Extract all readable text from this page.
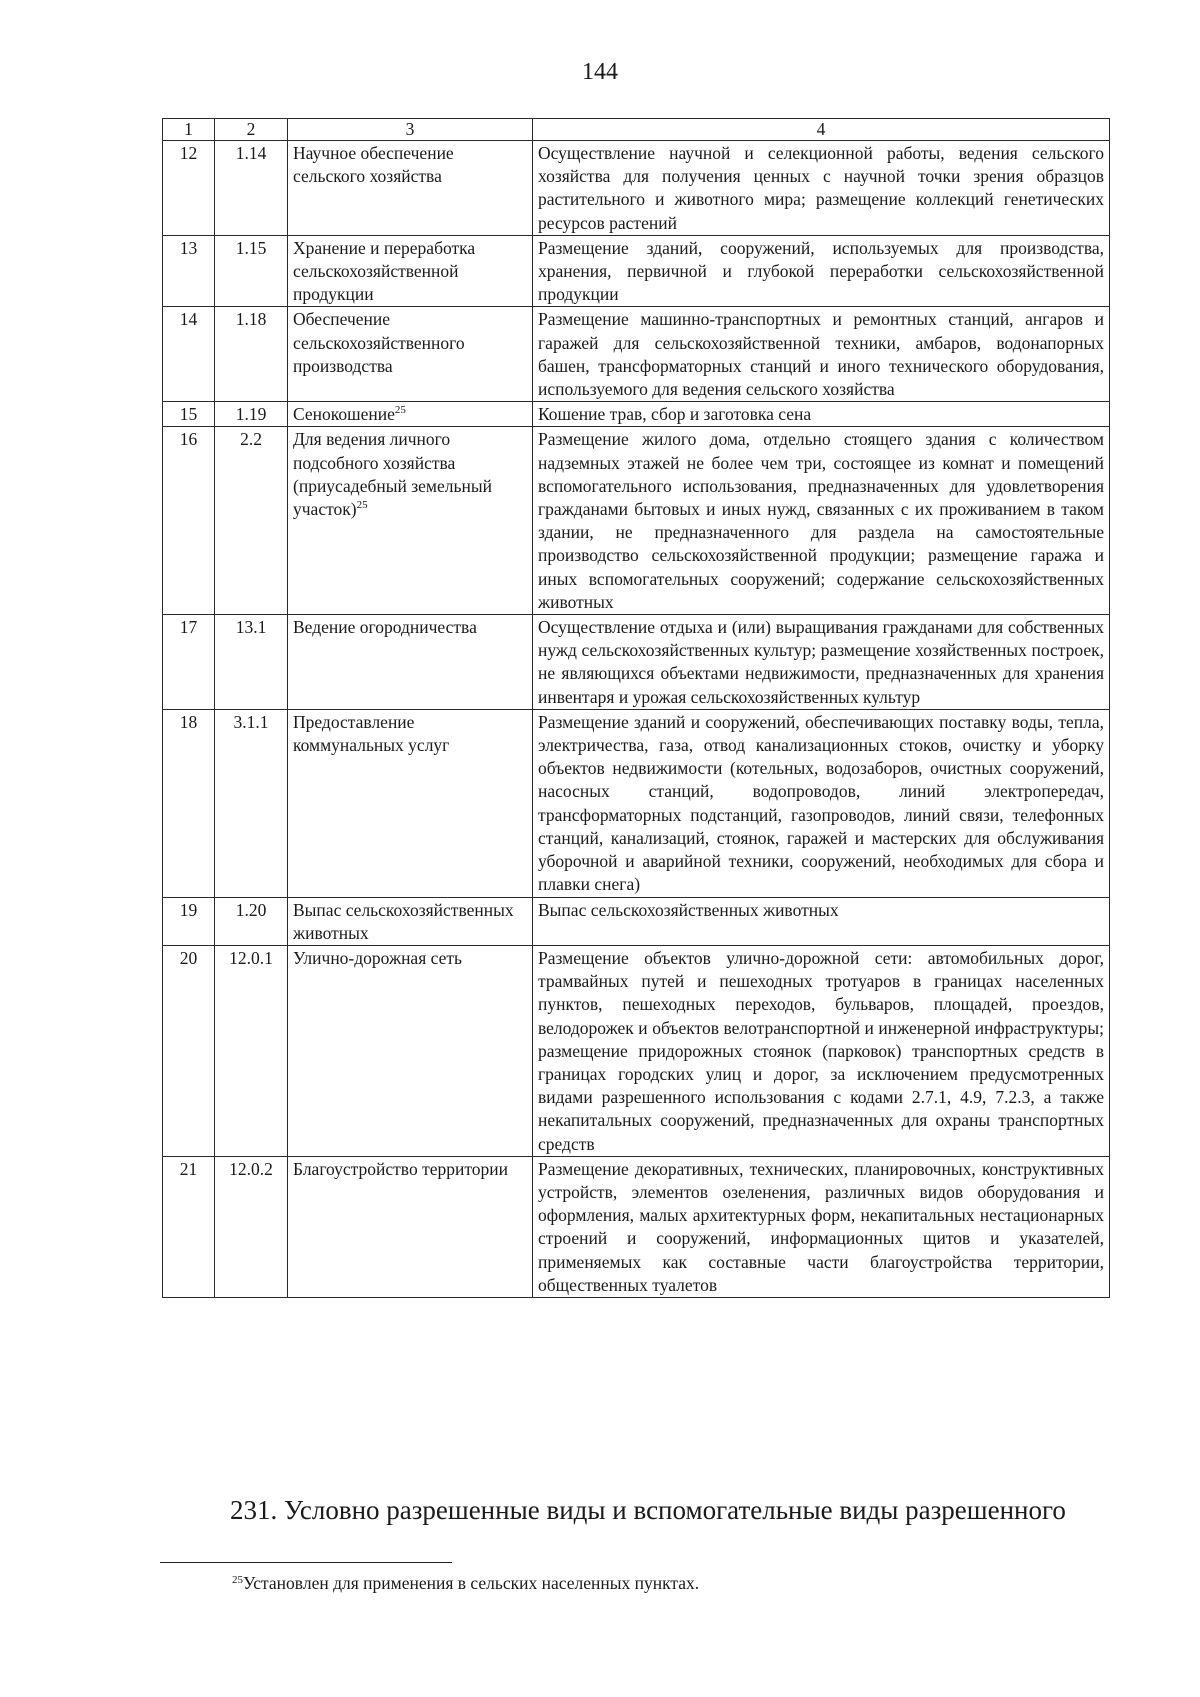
144
1	2	3	4
12	1.14	Научное обеспечение сельского хозяйства	Осуществление научной и селекционной работы, ведения сельского хозяйства для получения ценных с научной точки зрения образцов растительного и животного мира; размещение коллекций генетических ресурсов растений
13	1.15	Хранение и переработка сельскохозяйственной продукции	Размещение зданий, сооружений, используемых для производства, хранения, первичной и глубокой переработки сельскохозяйственной продукции
14	1.18	Обеспечение сельскохозяйственного производства	Размещение машинно-транспортных и ремонтных станций, ангаров и гаражей для сельскохозяйственной техники, амбаров, водонапорных башен, трансформаторных станций и иного технического оборудования, используемого для ведения сельского хозяйства
15	1.19	Сенокошение$^{25}$	Кошение трав, сбор и заготовка сена
16	2.2	Для ведения личного подсобного хозяйства (приусадебный земельный участок)$^{25}$	Размещение жилого дома, отдельно стоящего здания с количеством надземных этажей не более чем три, состоящее из комнат и помещений вспомогательного использования, предназначенных для удовлетворения гражданами бытовых и иных нужд, связанных с их проживанием в таком здании, не предназначенного для раздела на самостоятельные производство сельскохозяйственной продукции; размещение гаража и иных вспомогательных сооружений; содержание сельскохозяйственных животных
17	13.1	Ведение огородничества	Осуществление отдыха и (или) выращивания гражданами для собственных нужд сельскохозяйственных культур; размещение хозяйственных построек, не являющихся объектами недвижимости, предназначенных для хранения инвентаря и урожая сельскохозяйственных культур
18	3.1.1	Предоставление коммунальных услуг	Размещение зданий и сооружений, обеспечивающих поставку воды, тепла, электричества, газа, отвод канализационных стоков, очистку и уборку объектов недвижимости (котельных, водозаборов, очистных сооружений, насосных станций, водопроводов, линий электропередач, трансформаторных подстанций, газопроводов, линий связи, телефонных станций, канализаций, стоянок, гаражей и мастерских для обслуживания уборочной и аварийной техники, сооружений, необходимых для сбора и плавки снега)
19	1.20	Выпас сельскохозяйственных животных	Выпас сельскохозяйственных животных
20	12.0.1	Улично-дорожная сеть	Размещение объектов улично-дорожной сети: автомобильных дорог, трамвайных путей и пешеходных тротуаров в границах населенных пунктов, пешеходных переходов, бульваров, площадей, проездов, велодорожек и объектов велотранспортной и инженерной инфраструктуры; размещение придорожных стоянок (парковок) транспортных средств в границах городских улиц и дорог, за исключением предусмотренных видами разрешенного использования с кодами 2.7.1, 4.9, 7.2.3, а также некапитальных сооружений, предназначенных для охраны транспортных средств
21	12.0.2	Благоустройство территории	Размещение декоративных, технических, планировочных, конструктивных устройств, элементов озеленения, различных видов оборудования и оформления, малых архитектурных форм, некапитальных нестационарных строений и сооружений, информационных щитов и указателей, применяемых как составные части благоустройства территории, общественных туалетов
231. Условно разрешенные виды и вспомогательные виды разрешенного
$^{25}$Установлен для применения в сельских населенных пунктах.
